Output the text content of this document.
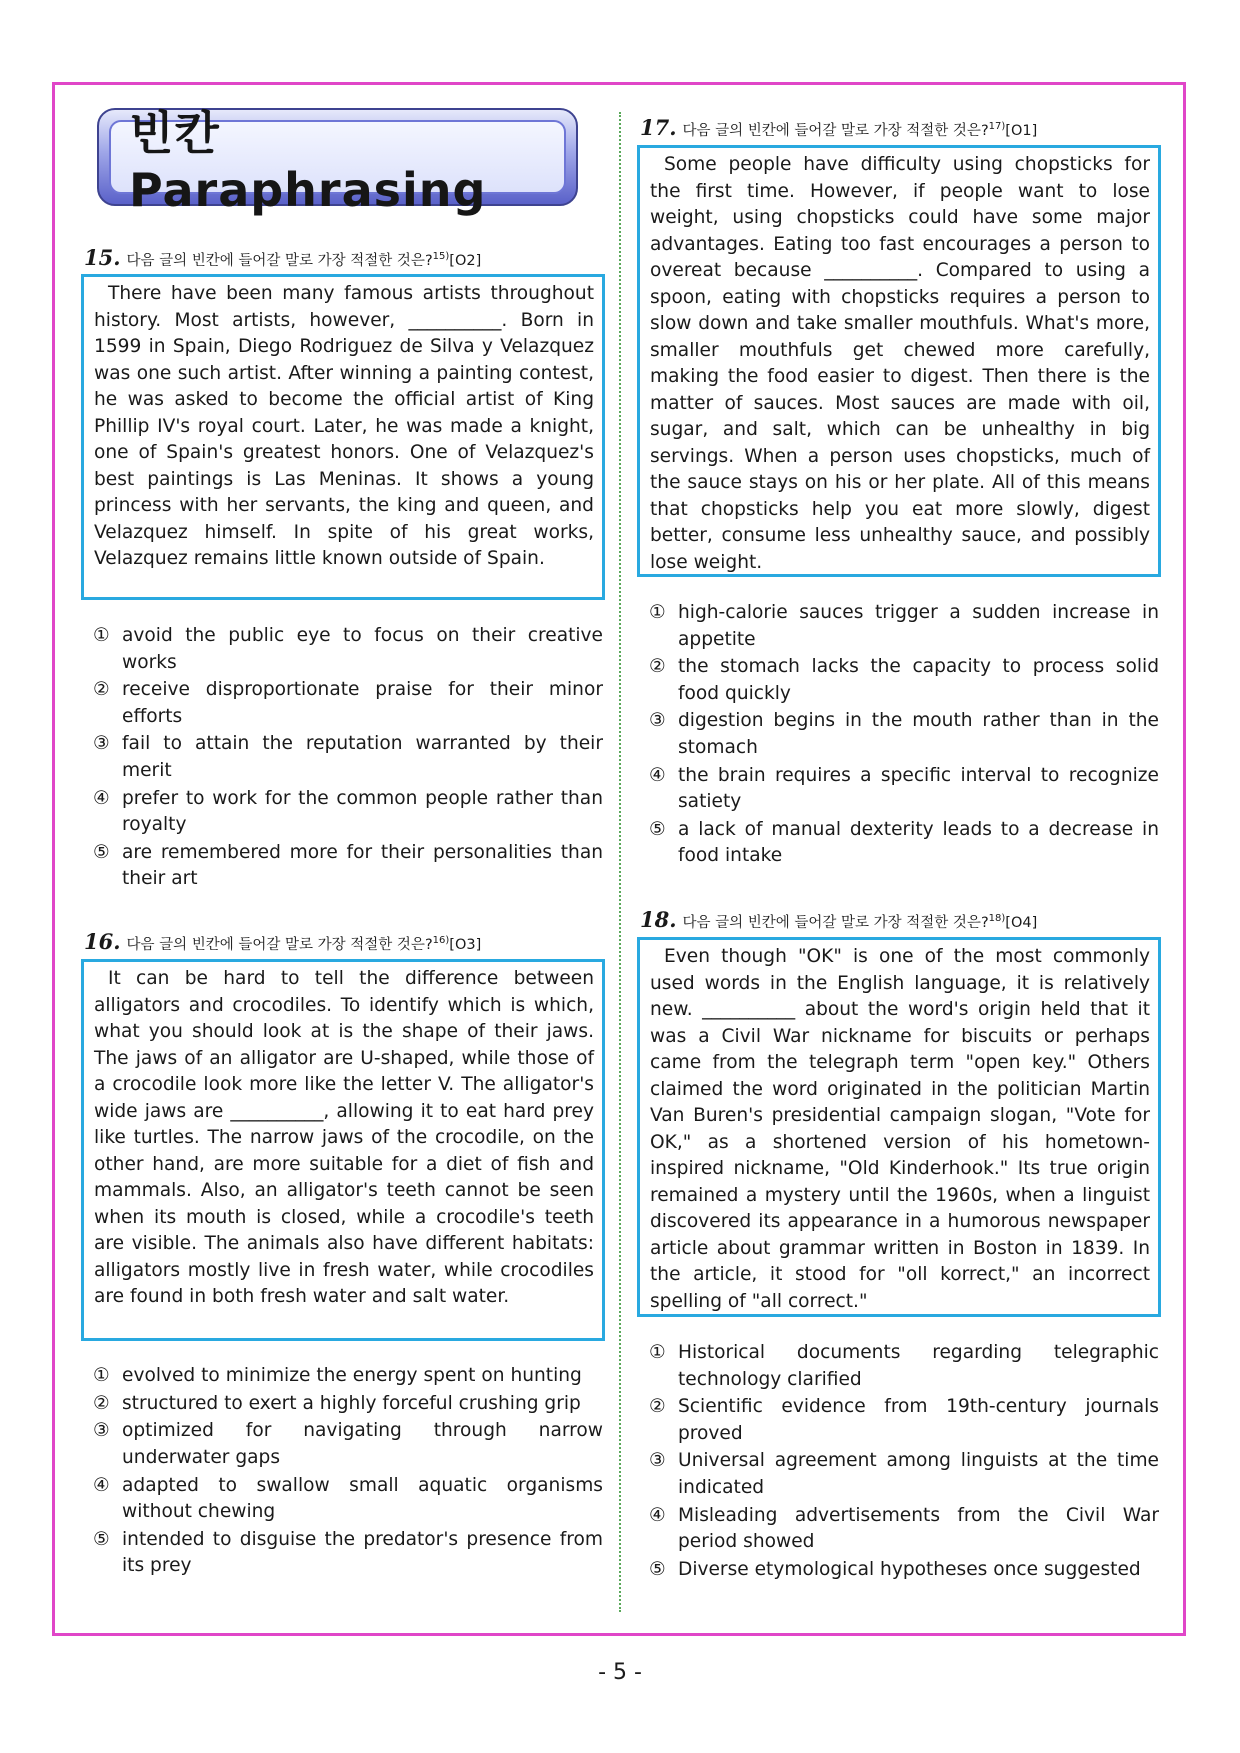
빈칸 Paraphrasing
15. 다음 글의 빈칸에 들어갈 말로 가장 적절한 것은? $^{15)}$[O2]

There have been many famous artists throughout history. Most artists, however, __________. Born in 1599 in Spain, Diego Rodriguez de Silva y Velazquez was one such artist. After winning a painting contest, he was asked to become the official artist of King Phillip IV's royal court. Later, he was made a knight, one of Spain's greatest honors. One of Velazquez's best paintings is Las Meninas. It shows a young princess with her servants, the king and queen, and Velazquez himself. In spite of his great works, Velazquez remains little known outside of Spain.

① avoid the public eye to focus on their creative works
② receive disproportionate praise for their minor efforts
③ fail to attain the reputation warranted by their merit
④ prefer to work for the common people rather than royalty
⑤ are remembered more for their personalities than their art
16. 다음 글의 빈칸에 들어갈 말로 가장 적절한 것은? $^{16)}$[O3]

It can be hard to tell the difference between alligators and crocodiles. To identify which is which, what you should look at is the shape of their jaws. The jaws of an alligator are U-shaped, while those of a crocodile look more like the letter V. The alligator's wide jaws are __________, allowing it to eat hard prey like turtles. The narrow jaws of the crocodile, on the other hand, are more suitable for a diet of fish and mammals. Also, an alligator's teeth cannot be seen when its mouth is closed, while a crocodile's teeth are visible. The animals also have different habitats: alligators mostly live in fresh water, while crocodiles are found in both fresh water and salt water.

① evolved to minimize the energy spent on hunting
② structured to exert a highly forceful crushing grip
③ optimized for navigating through narrow underwater gaps
④ adapted to swallow small aquatic organisms without chewing
⑤ intended to disguise the predator's presence from its prey
17. 다음 글의 빈칸에 들어갈 말로 가장 적절한 것은? $^{17)}$[O1]

Some people have difficulty using chopsticks for the first time. However, if people want to lose weight, using chopsticks could have some major advantages. Eating too fast encourages a person to overeat because __________. Compared to using a spoon, eating with chopsticks requires a person to slow down and take smaller mouthfuls. What's more, smaller mouthfuls get chewed more carefully, making the food easier to digest. Then there is the matter of sauces. Most sauces are made with oil, sugar, and salt, which can be unhealthy in big servings. When a person uses chopsticks, much of the sauce stays on his or her plate. All of this means that chopsticks help you eat more slowly, digest better, consume less unhealthy sauce, and possibly lose weight.

① high-calorie sauces trigger a sudden increase in appetite
② the stomach lacks the capacity to process solid food quickly
③ digestion begins in the mouth rather than in the stomach
④ the brain requires a specific interval to recognize satiety
⑤ a lack of manual dexterity leads to a decrease in food intake
18. 다음 글의 빈칸에 들어갈 말로 가장 적절한 것은? $^{18)}$[O4]

Even though "OK" is one of the most commonly used words in the English language, it is relatively new. __________ about the word's origin held that it was a Civil War nickname for biscuits or perhaps came from the telegraph term "open key." Others claimed the word originated in the politician Martin Van Buren's presidential campaign slogan, "Vote for OK," as a shortened version of his hometown-inspired nickname, "Old Kinderhook." Its true origin remained a mystery until the 1960s, when a linguist discovered its appearance in a humorous newspaper article about grammar written in Boston in 1839. In the article, it stood for "oll korrect," an incorrect spelling of "all correct."

① Historical documents regarding telegraphic technology clarified
② Scientific evidence from 19th-century journals proved
③ Universal agreement among linguists at the time indicated
④ Misleading advertisements from the Civil War period showed
⑤ Diverse etymological hypotheses once suggested
- 5 -
